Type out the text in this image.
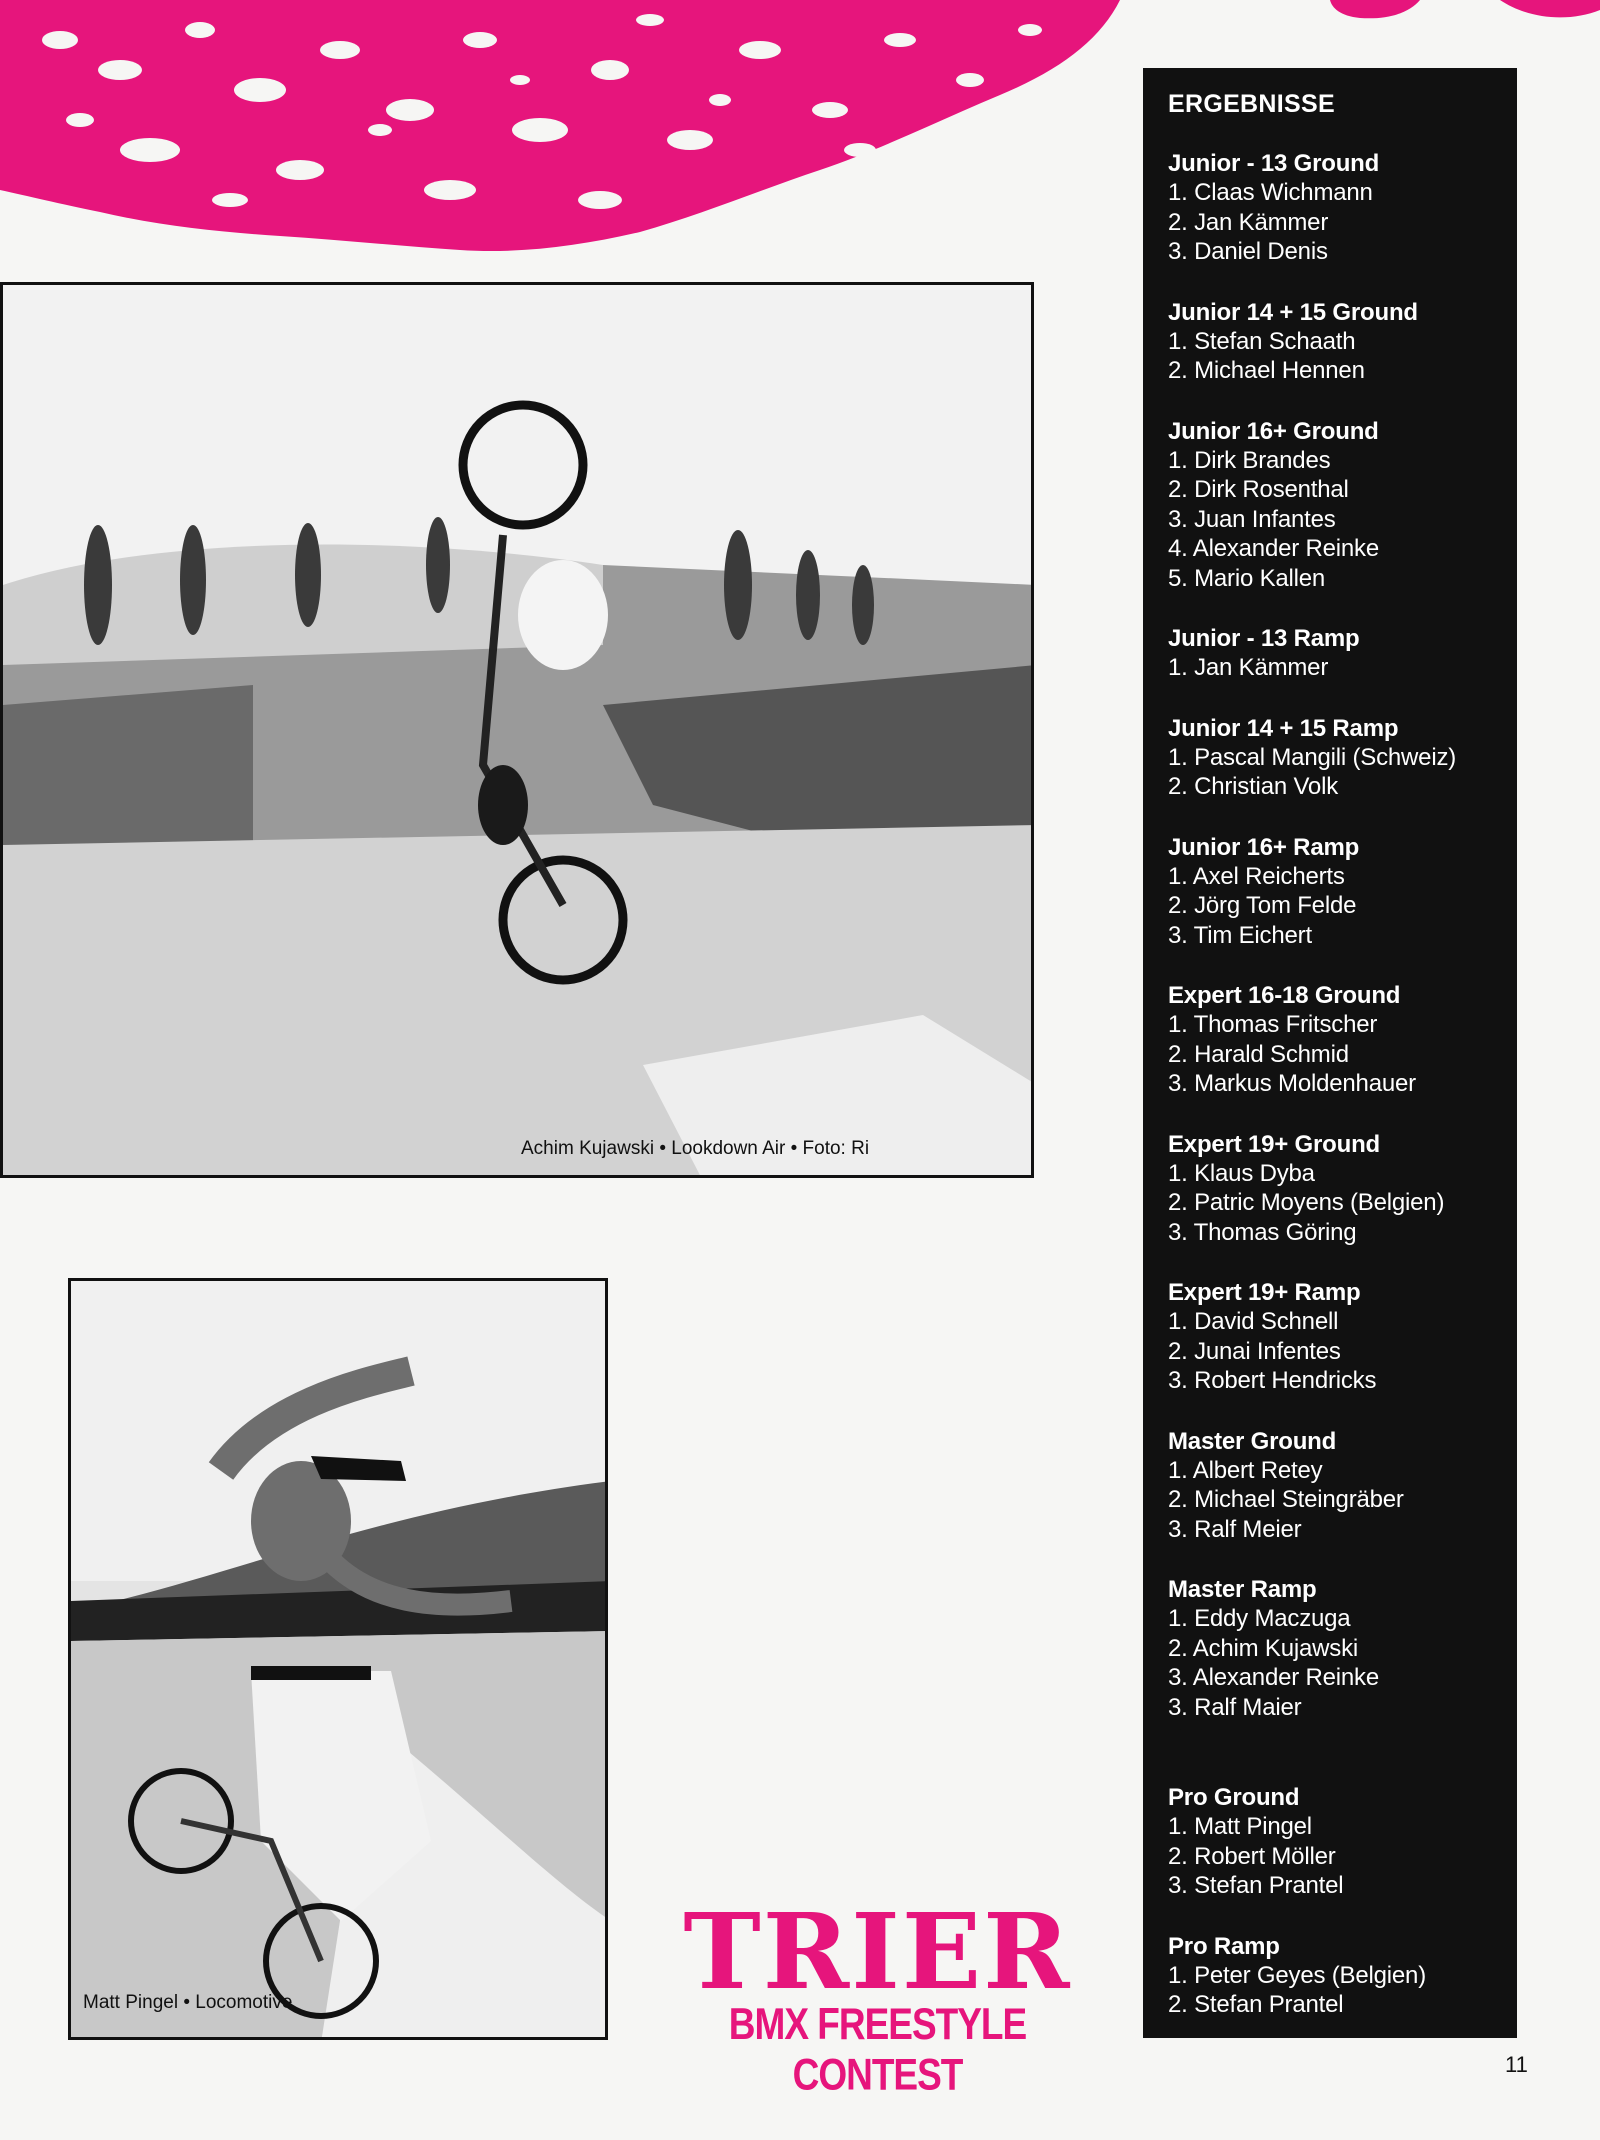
Achim Kujawski • Lookdown Air • Foto: Ri
Matt Pingel • Locomotive
ERGEBNISSE
Junior - 13 Ground
1. Claas Wichmann
2. Jan Kämmer
3. Daniel Denis
Junior 14 + 15 Ground
1. Stefan Schaath
2. Michael Hennen
Junior 16+ Ground
1. Dirk Brandes
2. Dirk Rosenthal
3. Juan Infantes
4. Alexander Reinke
5. Mario Kallen
Junior - 13 Ramp
1. Jan Kämmer
Junior 14 + 15 Ramp
1. Pascal Mangili (Schweiz)
2. Christian Volk
Junior 16+ Ramp
1. Axel Reicherts
2. Jörg Tom Felde
3. Tim Eichert
Expert 16-18 Ground
1. Thomas Fritscher
2. Harald Schmid
3. Markus Moldenhauer
Expert 19+ Ground
1. Klaus Dyba
2. Patric Moyens (Belgien)
3. Thomas Göring
Expert 19+ Ramp
1. David Schnell
2. Junai Infentes
3. Robert Hendricks
Master Ground
1. Albert Retey
2. Michael Steingräber
3. Ralf Meier
Master Ramp
1. Eddy Maczuga
2. Achim Kujawski
3. Alexander Reinke
3. Ralf Maier
Pro Ground
1. Matt Pingel
2. Robert Möller
3. Stefan Prantel
Pro Ramp
1. Peter Geyes (Belgien)
2. Stefan Prantel
TRIER
BMX FREESTYLE CONTEST	11
